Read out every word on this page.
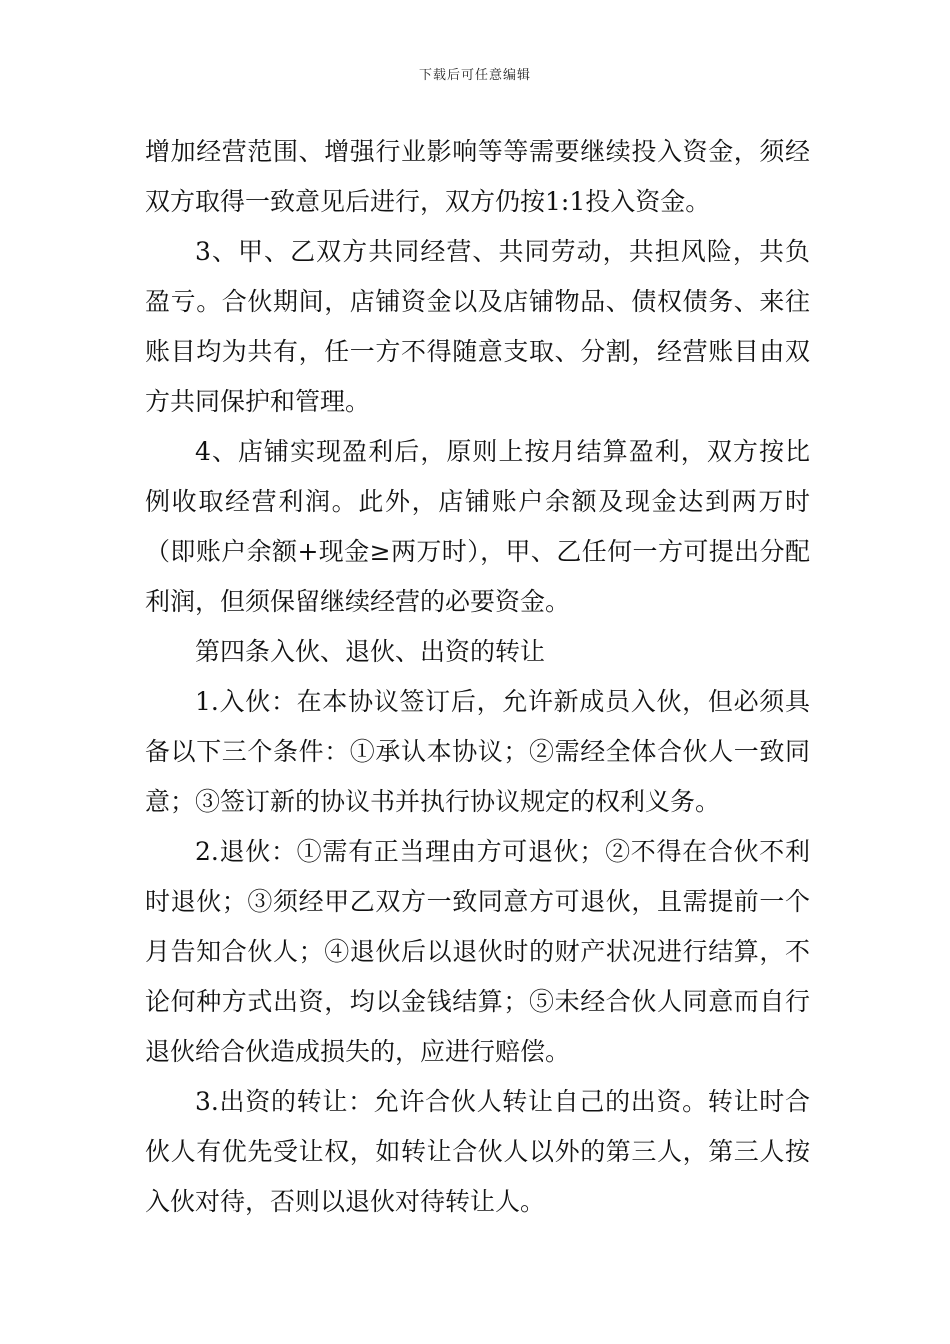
下载后可任意编辑

增加经营范围、增强行业影响等等需要继续投入资金，须经双方取得一致意见后进行，双方仍按1:1投入资金。

3、甲、乙双方共同经营、共同劳动，共担风险，共负盈亏。合伙期间，店铺资金以及店铺物品、债权债务、来往账目均为共有，任一方不得随意支取、分割，经营账目由双方共同保护和管理。

4、店铺实现盈利后，原则上按月结算盈利，双方按比例收取经营利润。此外，店铺账户余额及现金达到两万时（即账户余额+现金≥两万时），甲、乙任何一方可提出分配利润，但须保留继续经营的必要资金。

第四条入伙、退伙、出资的转让

1.入伙：在本协议签订后，允许新成员入伙，但必须具备以下三个条件：①承认本协议；②需经全体合伙人一致同意；③签订新的协议书并执行协议规定的权利义务。

2.退伙：①需有正当理由方可退伙；②不得在合伙不利时退伙；③须经甲乙双方一致同意方可退伙，且需提前一个月告知合伙人；④退伙后以退伙时的财产状况进行结算，不论何种方式出资，均以金钱结算；⑤未经合伙人同意而自行退伙给合伙造成损失的，应进行赔偿。

3.出资的转让：允许合伙人转让自己的出资。转让时合伙人有优先受让权，如转让合伙人以外的第三人，第三人按入伙对待，否则以退伙对待转让人。
